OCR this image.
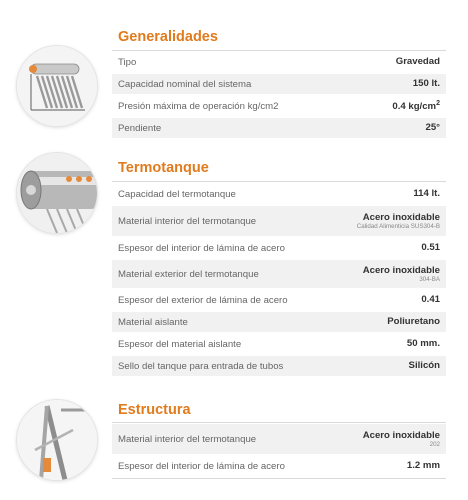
Generalidades
Tipo	Gravedad
Capacidad nominal del sistema	150 lt.
Presión máxima de operación kg/cm2	0.4 $kg/cm^2$
Pendiente	25°
Termotanque
Capacidad del termotanque	114 lt.
Material interior del termotanque	Acero inoxidable
Calidad Alimenticia SUS304-B
Espesor del interior de lámina de acero	0.51
Material exterior del termotanque	Acero inoxidable
304-BA
Espesor del exterior de lámina de acero	0.41
Material aislante	Poliuretano
Espesor del material aislante	50 mm.
Sello del tanque para entrada de tubos	Silicón
Estructura
Material interior del termotanque	Acero inoxidable
202
Espesor del interior de lámina de acero	1.2 mm
